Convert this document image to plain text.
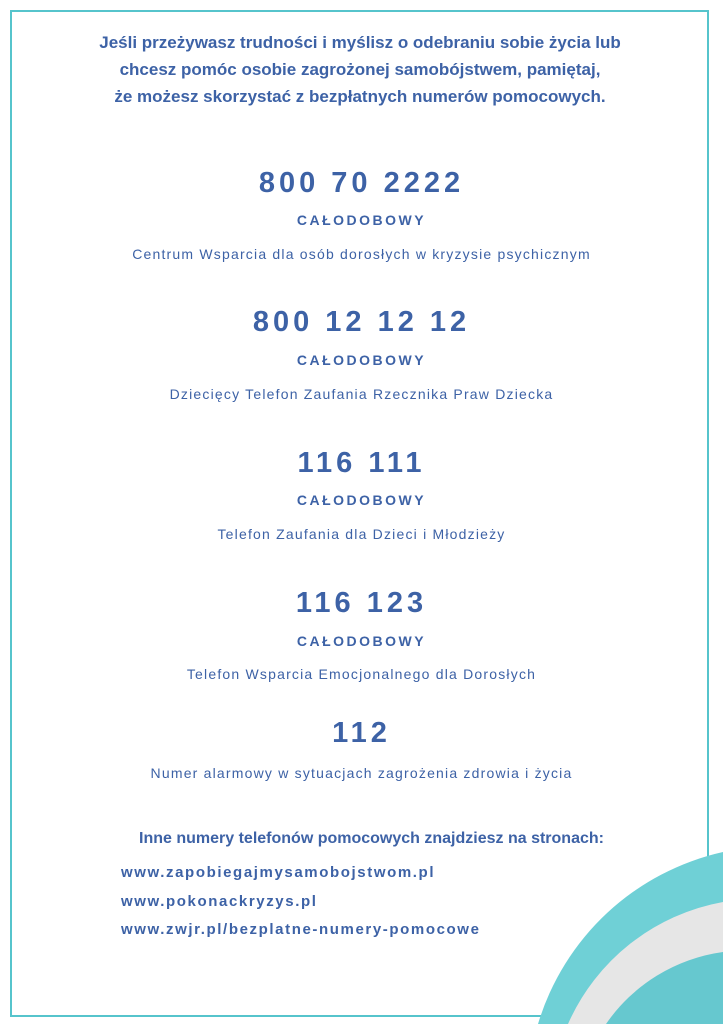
Jeśli przeżywasz trudności i myślisz o odebraniu sobie życia lub
chcesz pomóc osobie zagrożonej samobójstwem, pamiętaj,
że możesz skorzystać z bezpłatnych numerów pomocowych.

800 70 2222

CAŁODOBOWY

Centrum Wsparcia dla osób dorosłych w kryzysie psychicznym

800 12 12 12

CAŁODOBOWY

Dziecięcy Telefon Zaufania Rzecznika Praw Dziecka

116 111

CAŁODOBOWY

Telefon Zaufania dla Dzieci i Młodzieży

116 123

CAŁODOBOWY

Telefon Wsparcia Emocjonalnego dla Dorosłych

112

Numer alarmowy w sytuacjach zagrożenia zdrowia i życia

Inne numery telefonów pomocowych znajdziesz na stronach:

www.zapobiegajmysamobojstwom.pl
www.pokonackryzys.pl
www.zwjr.pl/bezplatne-numery-pomocowe
